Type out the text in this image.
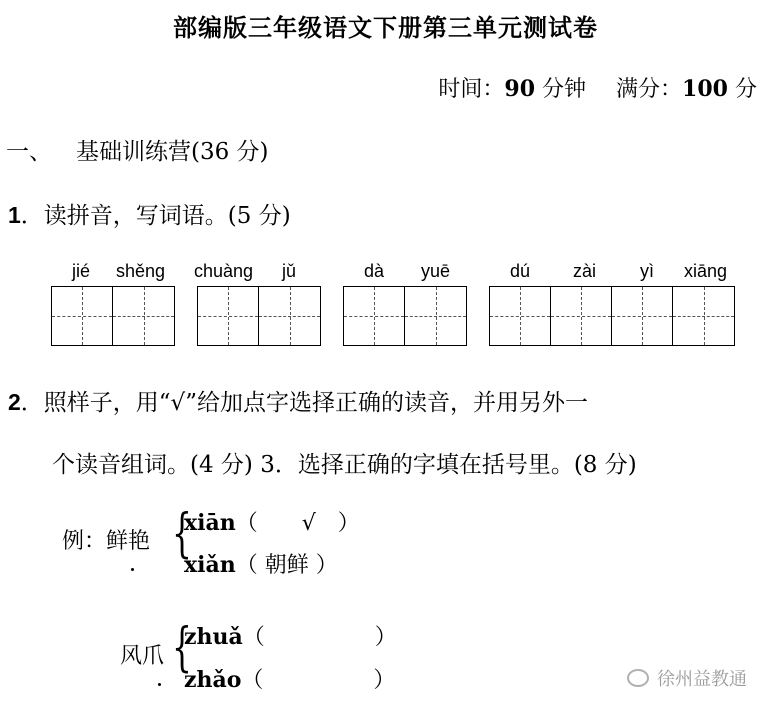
部编版三年级语文下册第三单元测试卷
时间：90 分钟 满分：100 分
一、 基础训练营(36 分)
1．读拼音，写词语。(5 分)
jié shěng chuàng jǔ	dà yuē	dú zài yì xiāng
2．照样子，用“√”给加点字选择正确的读音，并用另外一
个读音组词。(4 分) 3．选择正确的字填在括号里。(8 分)
例：鲜艳 {
xiān（　　√　）
xiǎn（ 朝鲜 ）
风爪 {
zhuǎ（　　　　　）
zhǎo（　　　　　）	徐州益教通
